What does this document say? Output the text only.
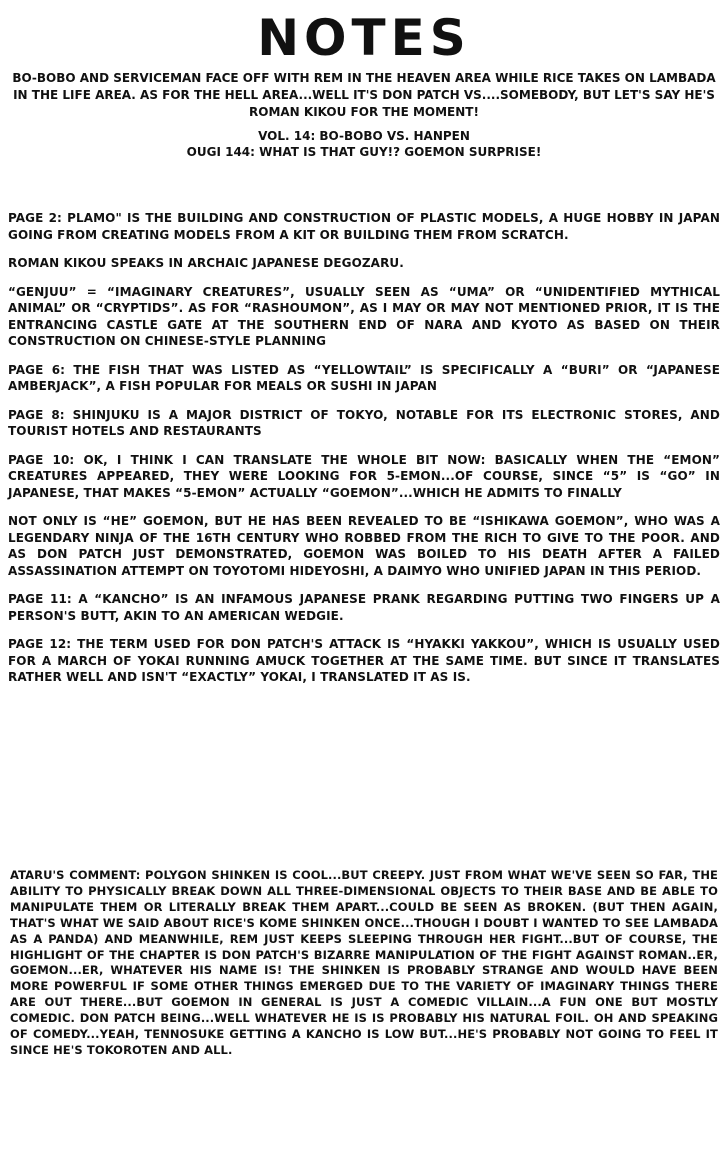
NOTES
BO-BOBO AND SERVICEMAN FACE OFF WITH REM IN THE HEAVEN AREA WHILE RICE TAKES ON LAMBADA IN THE LIFE AREA. AS FOR THE HELL AREA...WELL IT'S DON PATCH VS....SOMEBODY, BUT LET'S SAY HE'S ROMAN KIKOU FOR THE MOMENT!
VOL. 14: BO-BOBO VS. HANPEN
OUGI 144: WHAT IS THAT GUY!? GOEMON SURPRISE!

PAGE 2: PLAMO" IS THE BUILDING AND CONSTRUCTION OF PLASTIC MODELS, A HUGE HOBBY IN JAPAN GOING FROM CREATING MODELS FROM A KIT OR BUILDING THEM FROM SCRATCH.

ROMAN KIKOU SPEAKS IN ARCHAIC JAPANESE DEGOZARU.

“GENJUU” = “IMAGINARY CREATURES”, USUALLY SEEN AS “UMA” OR “UNIDENTIFIED MYTHICAL ANIMAL” OR “CRYPTIDS”. AS FOR “RASHOUMON”, AS I MAY OR MAY NOT MENTIONED PRIOR, IT IS THE ENTRANCING CASTLE GATE AT THE SOUTHERN END OF NARA AND KYOTO AS BASED ON THEIR CONSTRUCTION ON CHINESE-STYLE PLANNING

PAGE 6: THE FISH THAT WAS LISTED AS “YELLOWTAIL” IS SPECIFICALLY A “BURI” OR “JAPANESE AMBERJACK”, A FISH POPULAR FOR MEALS OR SUSHI IN JAPAN

PAGE 8: SHINJUKU IS A MAJOR DISTRICT OF TOKYO, NOTABLE FOR ITS ELECTRONIC STORES, AND TOURIST HOTELS AND RESTAURANTS

PAGE 10: OK, I THINK I CAN TRANSLATE THE WHOLE BIT NOW: BASICALLY WHEN THE “EMON” CREATURES APPEARED, THEY WERE LOOKING FOR 5-EMON...OF COURSE, SINCE “5” IS “GO” IN JAPANESE, THAT MAKES “5-EMON” ACTUALLY “GOEMON”...WHICH HE ADMITS TO FINALLY

NOT ONLY IS “HE” GOEMON, BUT HE HAS BEEN REVEALED TO BE “ISHIKAWA GOEMON”, WHO WAS A LEGENDARY NINJA OF THE 16TH CENTURY WHO ROBBED FROM THE RICH TO GIVE TO THE POOR. AND AS DON PATCH JUST DEMONSTRATED, GOEMON WAS BOILED TO HIS DEATH AFTER A FAILED ASSASSINATION ATTEMPT ON TOYOTOMI HIDEYOSHI, A DAIMYO WHO UNIFIED JAPAN IN THIS PERIOD.

PAGE 11: A “KANCHO” IS AN INFAMOUS JAPANESE PRANK REGARDING PUTTING TWO FINGERS UP A PERSON'S BUTT, AKIN TO AN AMERICAN WEDGIE.

PAGE 12: THE TERM USED FOR DON PATCH'S ATTACK IS “HYAKKI YAKKOU”, WHICH IS USUALLY USED FOR A MARCH OF YOKAI RUNNING AMUCK TOGETHER AT THE SAME TIME. BUT SINCE IT TRANSLATES RATHER WELL AND ISN'T “EXACTLY” YOKAI, I TRANSLATED IT AS IS.

ATARU'S COMMENT: POLYGON SHINKEN IS COOL...BUT CREEPY. JUST FROM WHAT WE'VE SEEN SO FAR, THE ABILITY TO PHYSICALLY BREAK DOWN ALL THREE-DIMENSIONAL OBJECTS TO THEIR BASE AND BE ABLE TO MANIPULATE THEM OR LITERALLY BREAK THEM APART...COULD BE SEEN AS BROKEN. (BUT THEN AGAIN, THAT'S WHAT WE SAID ABOUT RICE'S KOME SHINKEN ONCE...THOUGH I DOUBT I WANTED TO SEE LAMBADA AS A PANDA) AND MEANWHILE, REM JUST KEEPS SLEEPING THROUGH HER FIGHT...BUT OF COURSE, THE HIGHLIGHT OF THE CHAPTER IS DON PATCH'S BIZARRE MANIPULATION OF THE FIGHT AGAINST ROMAN..ER, GOEMON...ER, WHATEVER HIS NAME IS! THE SHINKEN IS PROBABLY STRANGE AND WOULD HAVE BEEN MORE POWERFUL IF SOME OTHER THINGS EMERGED DUE TO THE VARIETY OF IMAGINARY THINGS THERE ARE OUT THERE...BUT GOEMON IN GENERAL IS JUST A COMEDIC VILLAIN...A FUN ONE BUT MOSTLY COMEDIC. DON PATCH BEING...WELL WHATEVER HE IS IS PROBABLY HIS NATURAL FOIL. OH AND SPEAKING OF COMEDY...YEAH, TENNOSUKE GETTING A KANCHO IS LOW BUT...HE'S PROBABLY NOT GOING TO FEEL IT SINCE HE'S TOKOROTEN AND ALL.
